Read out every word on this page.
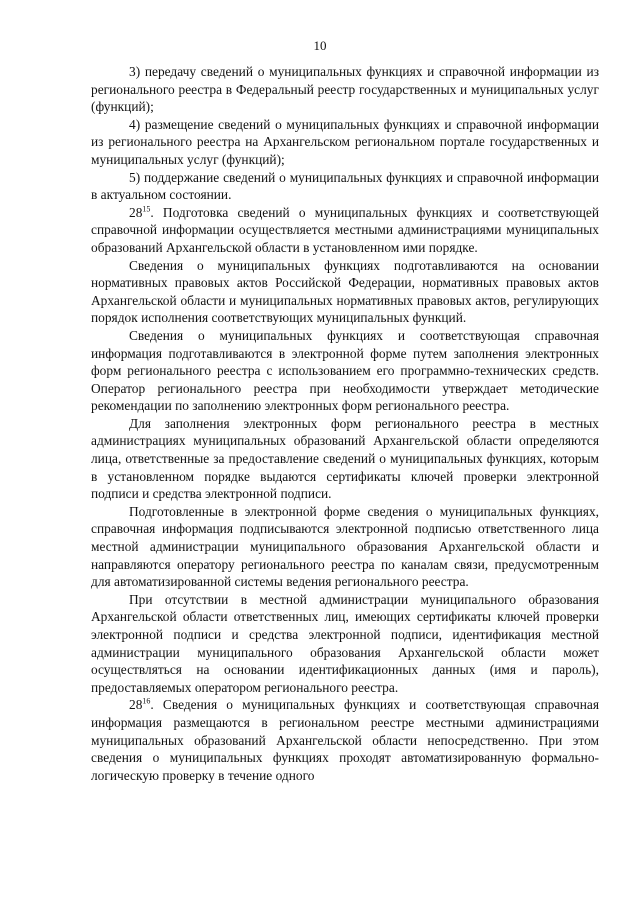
10

3) передачу сведений о муниципальных функциях и справочной информации из регионального реестра в Федеральный реестр государственных и муниципальных услуг (функций);

4) размещение сведений о муниципальных функциях и справочной информации из регионального реестра на Архангельском региональном портале государственных и муниципальных услуг (функций);

5) поддержание сведений о муниципальных функциях и справочной информации в актуальном состоянии.

$28^{15}$. Подготовка сведений о муниципальных функциях и соответствующей справочной информации осуществляется местными администрациями муниципальных образований Архангельской области в установленном ими порядке.

Сведения о муниципальных функциях подготавливаются на основании нормативных правовых актов Российской Федерации, нормативных правовых актов Архангельской области и муниципальных нормативных правовых актов, регулирующих порядок исполнения соответствующих муниципальных функций.

Сведения о муниципальных функциях и соответствующая справочная информация подготавливаются в электронной форме путем заполнения электронных форм регионального реестра с использованием его программно-технических средств. Оператор регионального реестра при необходимости утверждает методические рекомендации по заполнению электронных форм регионального реестра.

Для заполнения электронных форм регионального реестра в местных администрациях муниципальных образований Архангельской области определяются лица, ответственные за предоставление сведений о муниципальных функциях, которым в установленном порядке выдаются сертификаты ключей проверки электронной подписи и средства электронной подписи.

Подготовленные в электронной форме сведения о муниципальных функциях, справочная информация подписываются электронной подписью ответственного лица местной администрации муниципального образования Архангельской области и направляются оператору регионального реестра по каналам связи, предусмотренным для автоматизированной системы ведения регионального реестра.

При отсутствии в местной администрации муниципального образования Архангельской области ответственных лиц, имеющих сертификаты ключей проверки электронной подписи и средства электронной подписи, идентификация местной администрации муниципального образования Архангельской области может осуществляться на основании идентификационных данных (имя и пароль), предоставляемых оператором регионального реестра.

$28^{16}$. Сведения о муниципальных функциях и соответствующая справочная информация размещаются в региональном реестре местными администрациями муниципальных образований Архангельской области непосредственно. При этом сведения о муниципальных функциях проходят автоматизированную формально-логическую проверку в течение одного
